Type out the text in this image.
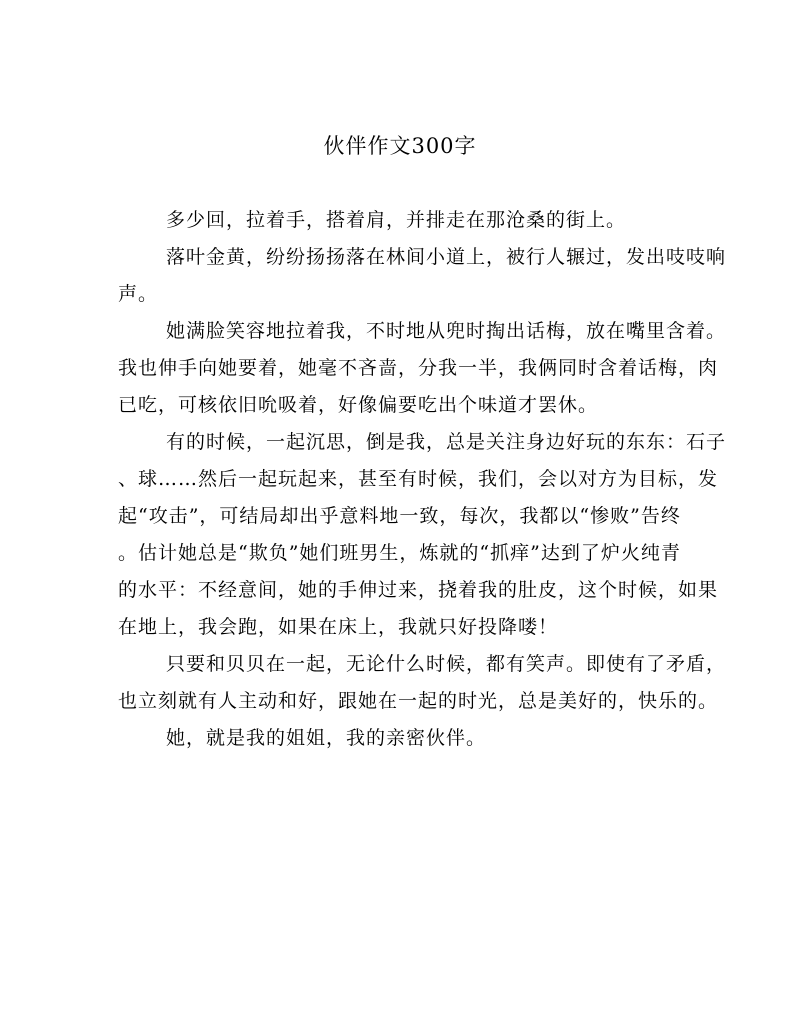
伙伴作文300字

多少回，拉着手，搭着肩，并排走在那沧桑的街上。

落叶金黄，纷纷扬扬落在林间小道上，被行人辗过，发出吱吱响
声。

她满脸笑容地拉着我，不时地从兜时掏出话梅，放在嘴里含着。
我也伸手向她要着，她毫不吝啬，分我一半，我俩同时含着话梅，肉
已吃，可核依旧吮吸着，好像偏要吃出个味道才罢休。

有的时候，一起沉思，倒是我，总是关注身边好玩的东东：石子
、球……然后一起玩起来，甚至有时候，我们，会以对方为目标，发
起“攻击”，可结局却出乎意料地一致，每次，我都以“惨败”告终
。估计她总是“欺负”她们班男生，炼就的“抓痒”达到了炉火纯青
的水平：不经意间，她的手伸过来，挠着我的肚皮，这个时候，如果
在地上，我会跑，如果在床上，我就只好投降喽！

只要和贝贝在一起，无论什么时候，都有笑声。即使有了矛盾，
也立刻就有人主动和好，跟她在一起的时光，总是美好的，快乐的。

她，就是我的姐姐，我的亲密伙伴。
